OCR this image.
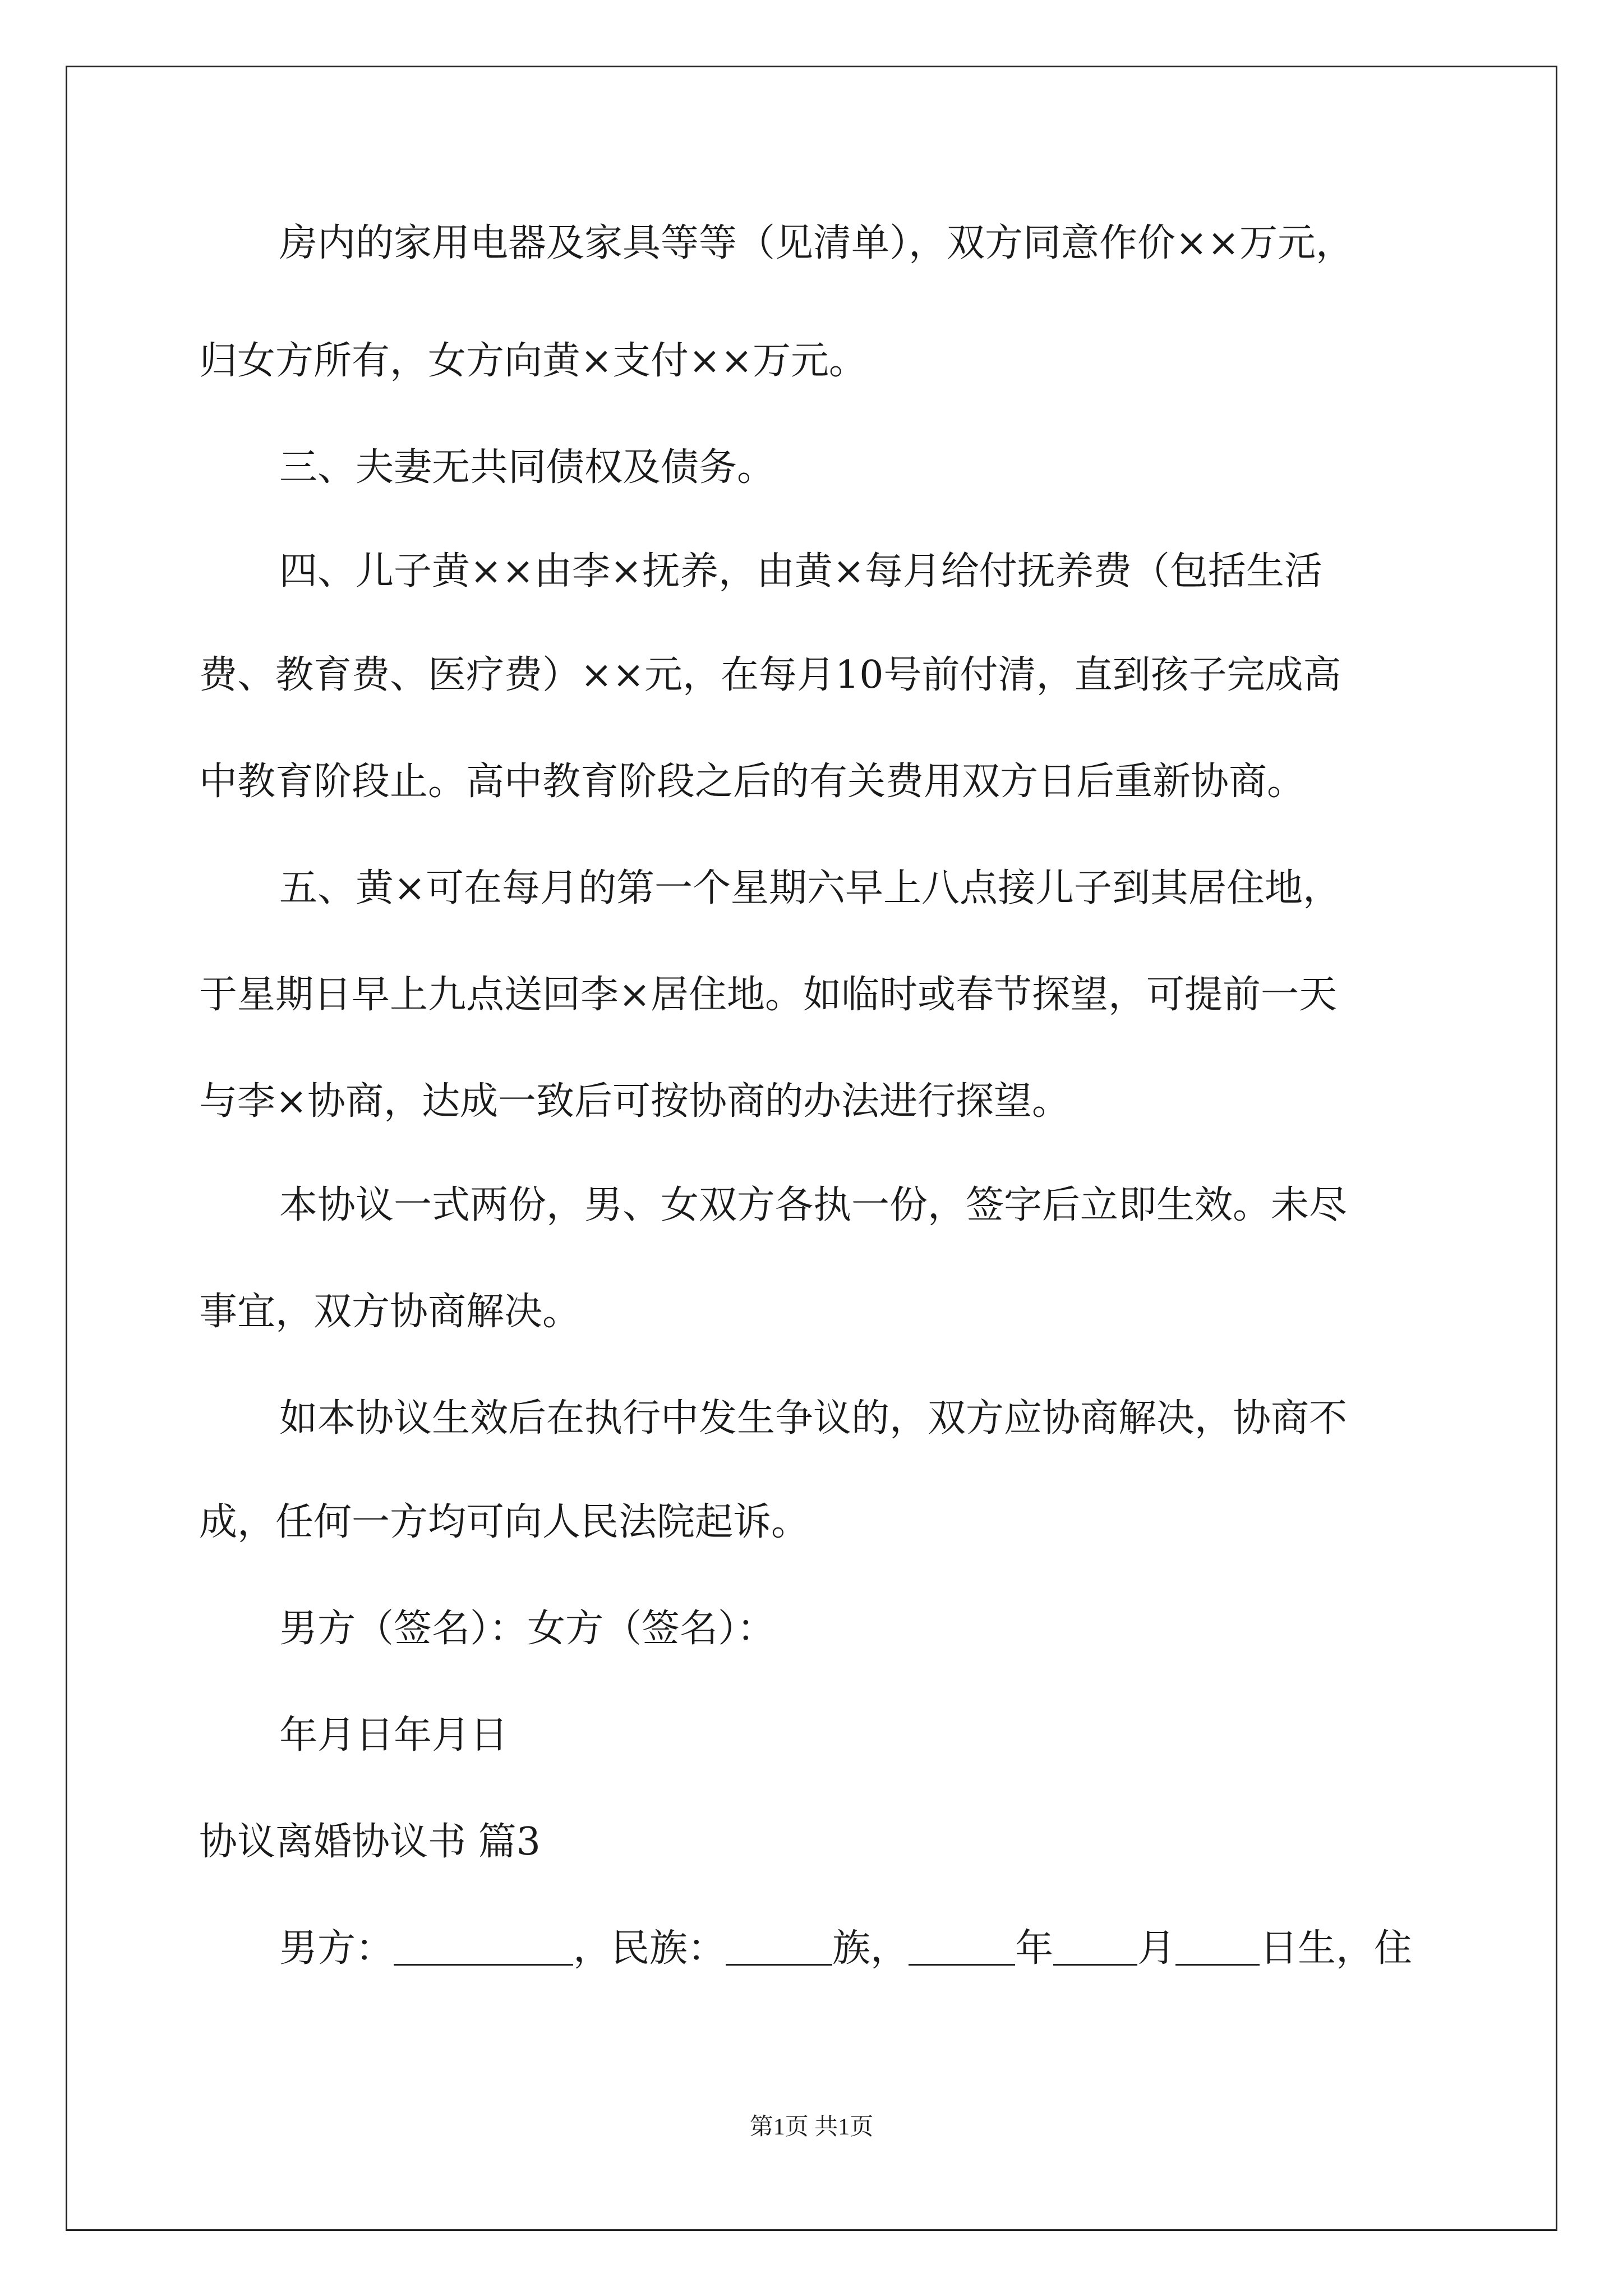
房内的家用电器及家具等等（见清单），双方同意作价××万元，
归女方所有，女方向黄×支付××万元。
三、夫妻无共同债权及债务。
四、儿子黄××由李×抚养，由黄×每月给付抚养费（包括生活
费、教育费、医疗费）××元，在每月10号前付清，直到孩子完成高
中教育阶段止。高中教育阶段之后的有关费用双方日后重新协商。
五、黄×可在每月的第一个星期六早上八点接儿子到其居住地，
于星期日早上九点送回李×居住地。如临时或春节探望，可提前一天
与李×协商，达成一致后可按协商的办法进行探望。
本协议一式两份，男、女双方各执一份，签字后立即生效。未尽
事宜，双方协商解决。
如本协议生效后在执行中发生争议的，双方应协商解决，协商不
成，任何一方均可向人民法院起诉。
男方（签名）：女方（签名）：
年月日年月日
协议离婚协议书 篇3
男方：	，民族：	族，	年 月 日生，住
第1页 共1页
